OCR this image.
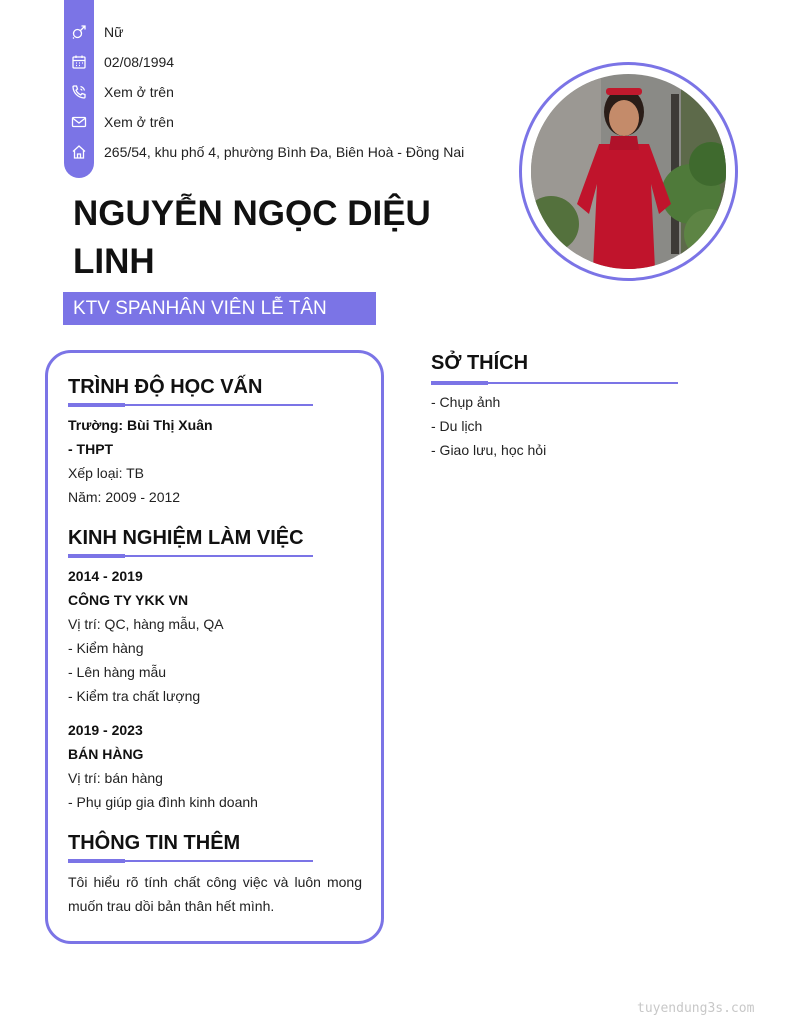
Nữ
02/08/1994
Xem ở trên
Xem ở trên
265/54, khu phố 4, phường Bình Đa, Biên Hoà - Đồng Nai
NGUYỄN NGỌC DIỆU LINH
KTV SPANHÂN VIÊN LỄ TÂN
TRÌNH ĐỘ HỌC VẤN
Trường: Bùi Thị Xuân
- THPT
Xếp loại: TB
Năm: 2009 - 2012
KINH NGHIỆM LÀM VIỆC
2014 - 2019
CÔNG TY YKK VN
Vị trí: QC, hàng mẫu, QA
- Kiểm hàng
- Lên hàng mẫu
- Kiểm tra chất lượng
2019 - 2023
BÁN HÀNG
Vị trí: bán hàng
- Phụ giúp gia đình kinh doanh
THÔNG TIN THÊM
Tôi hiểu rõ tính chất công việc và luôn mong muốn trau dồi bản thân hết mình.
SỞ THÍCH
- Chụp ảnh
- Du lịch
- Giao lưu, học hỏi
tuyendung3s.com
